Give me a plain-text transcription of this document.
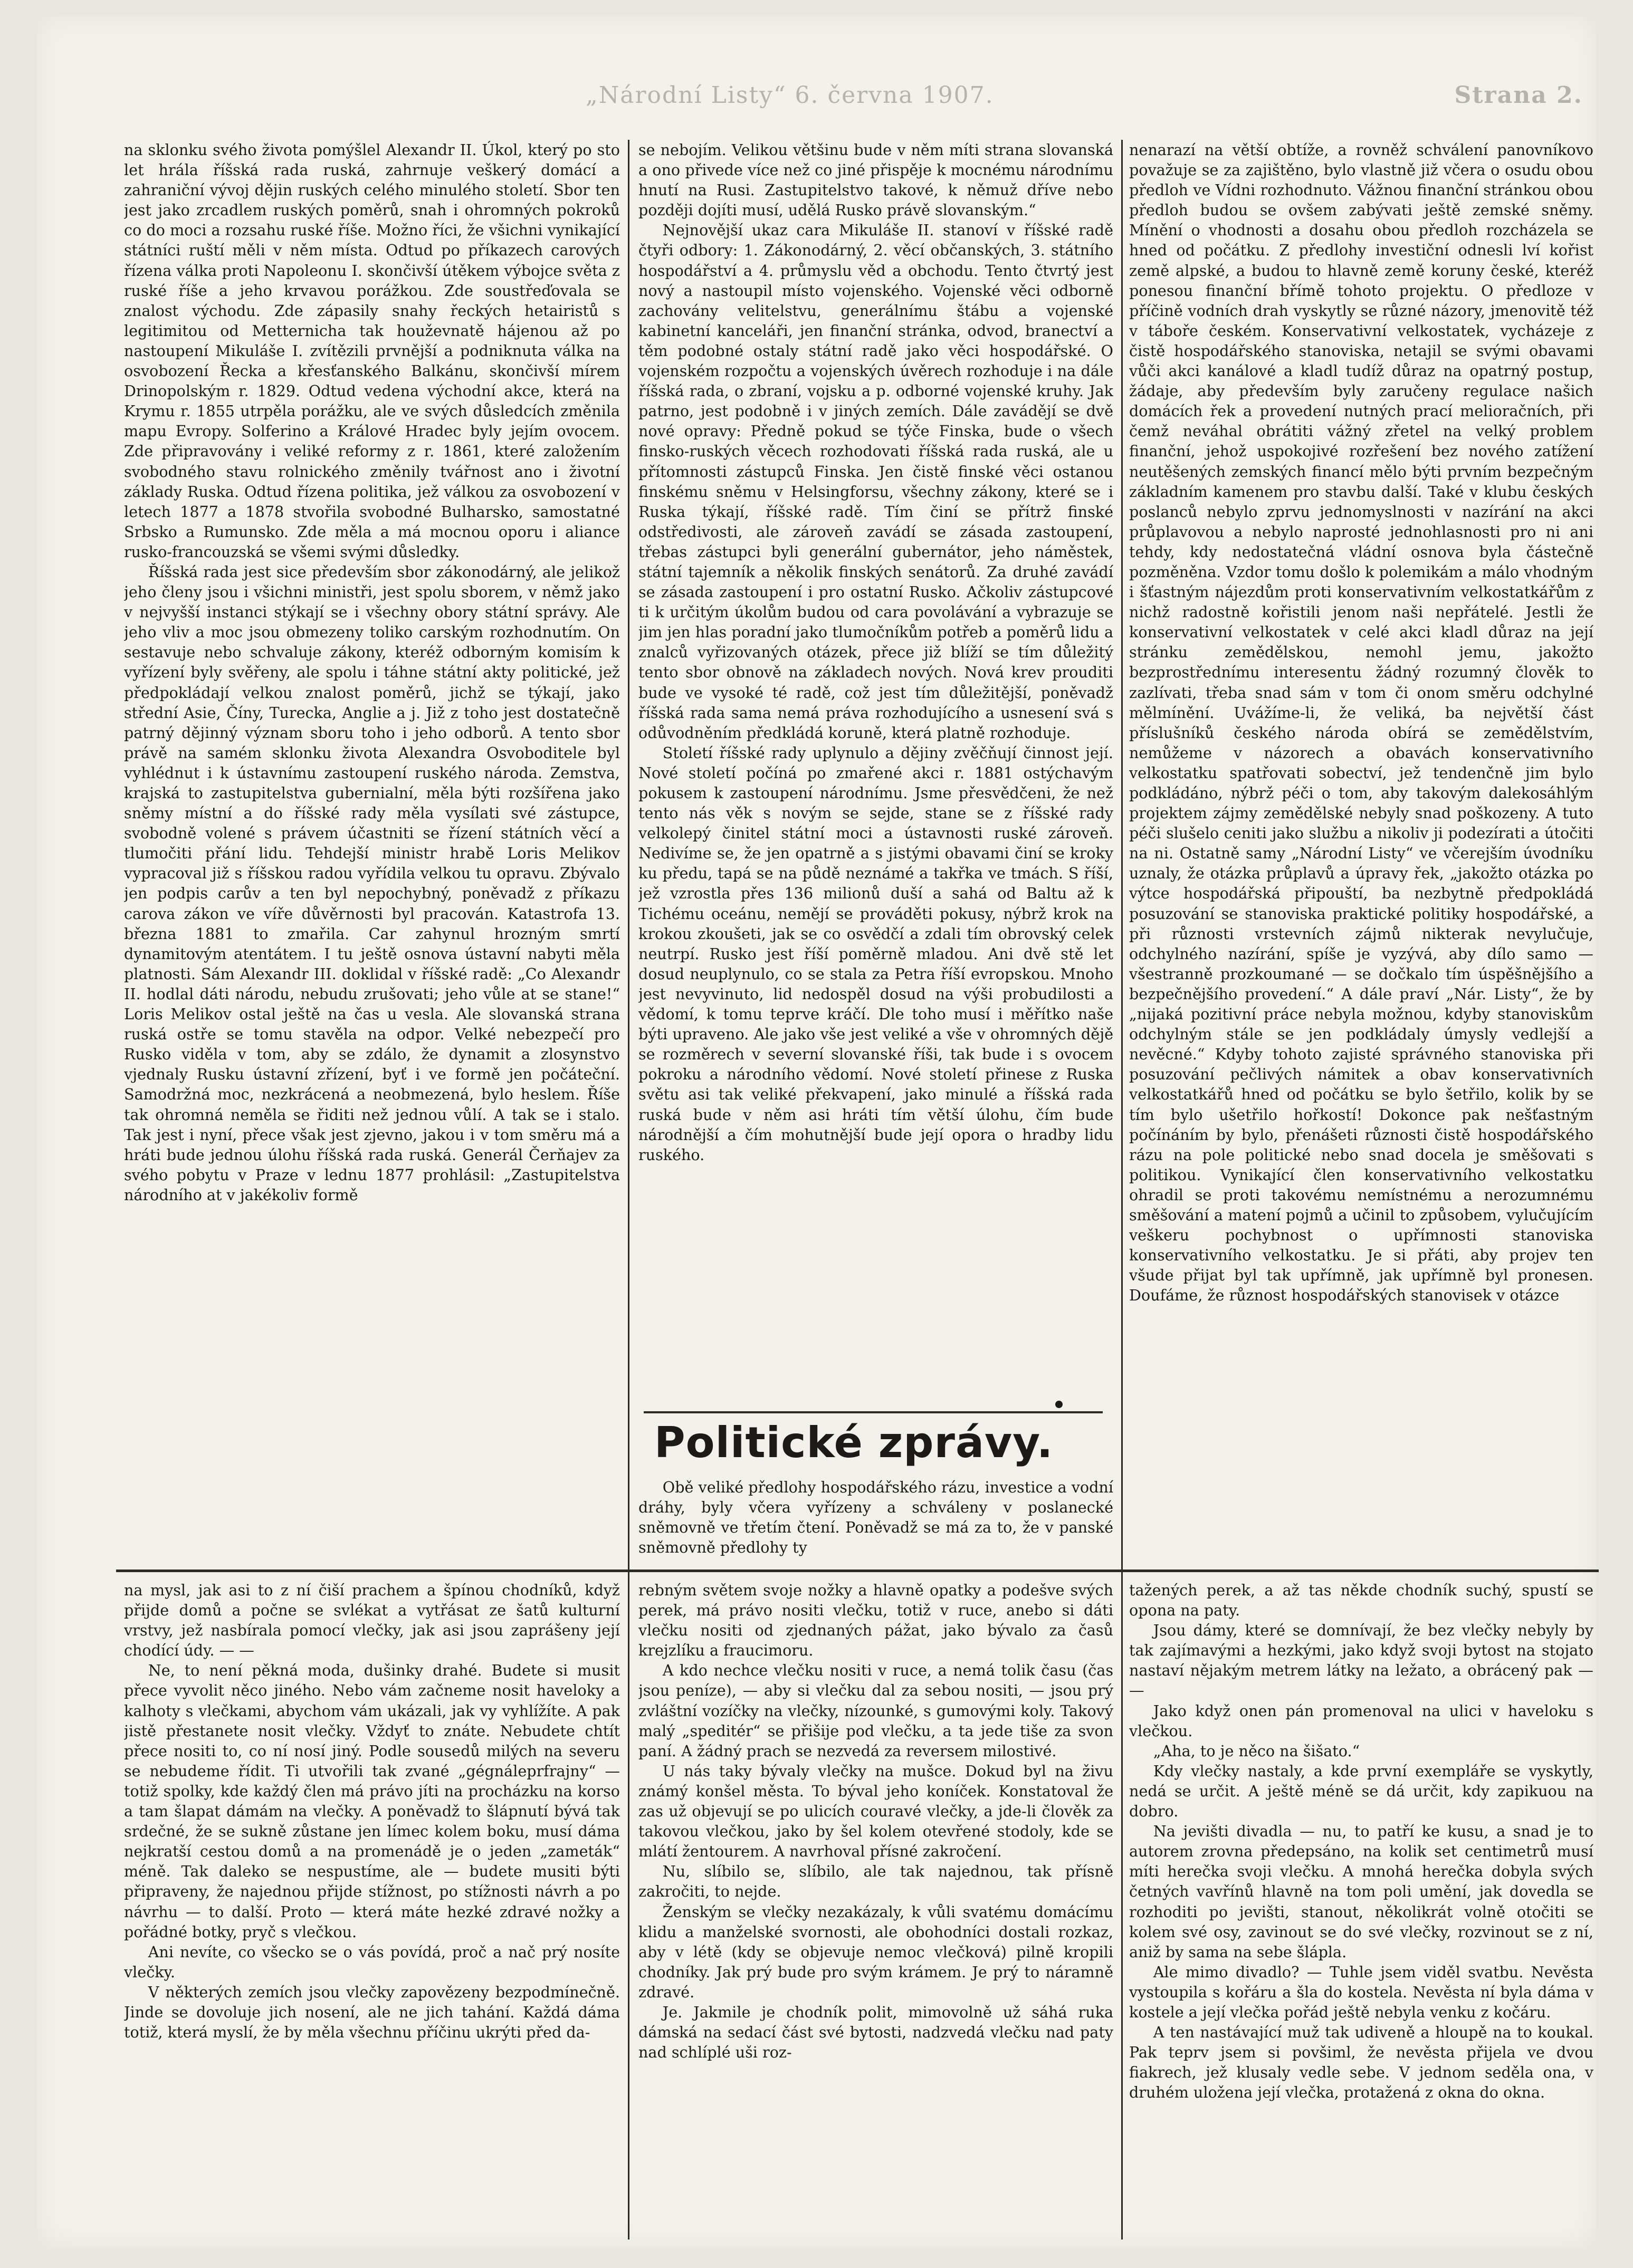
„Národní Listy“ 6. června 1907.	Strana 2.

na sklonku svého života pomýšlel Alexandr II. Úkol, který po sto let hrála říšská rada ruská, zahrnuje veškerý domácí a zahraniční vývoj dějin ruských celého minulého století. Sbor ten jest jako zrcadlem ruských poměrů, snah i ohromných pokroků co do moci a rozsahu ruské říše. Možno říci, že všichni vynikající státníci ruští měli v něm místa. Odtud po příkazech carových řízena válka proti Napoleonu I. skončivší útěkem výbojce světa z ruské říše a jeho krvavou porážkou. Zde soustřeďovala se znalost východu. Zde zápasily snahy řeckých hetairistů s legitimitou od Metternicha tak houževnatě hájenou až po nastoupení Mikuláše I. zvítězili prvnější a podniknuta válka na osvobození Řecka a křesťanského Balkánu, skončivší mírem Drinopolským r. 1829. Odtud vedena východní akce, která na Krymu r. 1855 utrpěla porážku, ale ve svých důsledcích změnila mapu Evropy. Solferino a Králové Hradec byly jejím ovocem. Zde připravovány i veliké reformy z r. 1861, které založením svobodného stavu rolnického změnily tvářnost ano i životní základy Ruska. Odtud řízena politika, jež válkou za osvobození v letech 1877 a 1878 stvořila svobodné Bulharsko, samostatné Srbsko a Rumunsko. Zde měla a má mocnou oporu i aliance rusko-francouzská se všemi svými důsledky.

Říšská rada jest sice především sbor zákonodárný, ale jelikož jeho členy jsou i všichni ministři, jest spolu sborem, v němž jako v nejvyšší instanci stýkají se i všechny obory státní správy. Ale jeho vliv a moc jsou obmezeny toliko carským rozhodnutím. On sestavuje nebo schvaluje zákony, kteréž odborným komisím k vyřízení byly svěřeny, ale spolu i táhne státní akty politické, jež předpokládají velkou znalost poměrů, jichž se týkají, jako střední Asie, Číny, Turecka, Anglie a j. Již z toho jest dostatečně patrný dějinný význam sboru toho i jeho odborů. A tento sbor právě na samém sklonku života Alexandra Osvoboditele byl vyhlédnut i k ústavnímu zastoupení ruského národa. Zemstva, krajská to zastupitelstva gubernialní, měla býti rozšířena jako sněmy místní a do říšské rady měla vysílati své zástupce, svobodně volené s právem účastniti se řízení státních věcí a tlumočiti přání lidu. Tehdejší ministr hrabě Loris Melikov vypracoval již s říšskou radou vyřídila velkou tu opravu. Zbývalo jen podpis carův a ten byl nepochybný, poněvadž z příkazu carova zákon ve víře důvěrnosti byl pracován. Katastrofa 13. března 1881 to zmařila. Car zahynul hrozným smrtí dynamitovým atentátem. I tu ještě osnova ústavní nabyti měla platnosti. Sám Alexandr III. doklidal v říšské radě: „Co Alexandr II. hodlal dáti národu, nebudu zrušovati; jeho vůle at se stane!“ Loris Melikov ostal ještě na čas u vesla. Ale slovanská strana ruská ostře se tomu stavěla na odpor. Velké nebezpečí pro Rusko viděla v tom, aby se zdálo, že dynamit a zlosynstvo vjednaly Rusku ústavní zřízení, byť i ve formě jen počáteční. Samodržná moc, nezkrácená a neobmezená, bylo heslem. Říše tak ohromná neměla se řiditi než jednou vůlí. A tak se i stalo. Tak jest i nyní, přece však jest zjevno, jakou i v tom směru má a hráti bude jednou úlohu říšská rada ruská. Generál Čerňajev za svého pobytu v Praze v lednu 1877 prohlásil: „Zastupitelstva národního at v jakékoliv formě

se nebojím. Velikou většinu bude v něm míti strana slovanská a ono přivede více než co jiné přispěje k mocnému národnímu hnutí na Rusi. Zastupitelstvo takové, k němuž dříve nebo později dojíti musí, udělá Rusko právě slovanským.“

Nejnovější ukaz cara Mikuláše II. stanoví v říšské radě čtyři odbory: 1. Zákonodárný, 2. věcí občanských, 3. státního hospodářství a 4. průmyslu věd a obchodu. Tento čtvrtý jest nový a nastoupil místo vojenského. Vojenské věci odborně zachovány velitelstvu, generálnímu štábu a vojenské kabinetní kanceláři, jen finanční stránka, odvod, branectví a těm podobné ostaly státní radě jako věci hospodářské. O vojenském rozpočtu a vojenských úvěrech rozhoduje i na dále říšská rada, o zbraní, vojsku a p. odborné vojenské kruhy. Jak patrno, jest podobně i v jiných zemích. Dále zavádějí se dvě nové opravy: Předně pokud se týče Finska, bude o všech finsko-ruských věcech rozhodovati říšská rada ruská, ale u přítomnosti zástupců Finska. Jen čistě finské věci ostanou finskému sněmu v Helsingforsu, všechny zákony, které se i Ruska týkají, říšské radě. Tím činí se přítrž finské odstředivosti, ale zároveň zavádí se zásada zastoupení, třebas zástupci byli generální gubernátor, jeho náměstek, státní tajemník a několik finských senátorů. Za druhé zavádí se zásada zastoupení i pro ostatní Rusko. Ačkoliv zástupcové ti k určitým úkolům budou od cara povolávání a vybrazuje se jim jen hlas poradní jako tlumočníkům potřeb a poměrů lidu a znalců vyřizovaných otázek, přece již blíží se tím důležitý tento sbor obnově na základech nových. Nová krev prouditi bude ve vysoké té radě, což jest tím důležitější, poněvadž říšská rada sama nemá práva rozhodujícího a usnesení svá s odůvodněním předkládá koruně, která platně rozhoduje.

Století říšské rady uplynulo a dějiny zvěčňují činnost její. Nové století počíná po zmařené akci r. 1881 ostýchavým pokusem k zastoupení národnímu. Jsme přesvědčeni, že než tento nás věk s novým se sejde, stane se z říšské rady velkolepý činitel státní moci a ústavnosti ruské zároveň. Nedivíme se, že jen opatrně a s jistými obavami činí se kroky ku předu, tapá se na půdě neznámé a takřka ve tmách. S říší, jež vzrostla přes 136 milionů duší a sahá od Baltu až k Tichému oceánu, nemějí se prováděti pokusy, nýbrž krok na krokou zkoušeti, jak se co osvědčí a zdali tím obrovský celek neutrpí. Rusko jest říší poměrně mladou. Ani dvě stě let dosud neuplynulo, co se stala za Petra říší evropskou. Mnoho jest nevyvinuto, lid nedospěl dosud na výši probudilosti a vědomí, k tomu teprve kráčí. Dle toho musí i měřítko naše býti upraveno. Ale jako vše jest veliké a vše v ohromných dějě se rozměrech v severní slovanské říši, tak bude i s ovocem pokroku a národního vědomí. Nové století přinese z Ruska světu asi tak veliké překvapení, jako minulé a říšská rada ruská bude v něm asi hráti tím větší úlohu, čím bude národnější a čím mohutnější bude její opora o hradby lidu ruského.

Politické zprávy.

Obě veliké předlohy hospodářského rázu, investice a vodní dráhy, byly včera vyřízeny a schváleny v poslanecké sněmovně ve třetím čtení. Poněvadž se má za to, že v panské sněmovně předlohy ty

nenarazí na větší obtíže, a rovněž schválení panovníkovo považuje se za zajištěno, bylo vlastně již včera o osudu obou předloh ve Vídni rozhodnuto. Vážnou finanční stránkou obou předloh budou se ovšem zabývati ještě zemské sněmy. Mínění o vhodnosti a dosahu obou předloh rozcházela se hned od počátku. Z předlohy investiční odnesli lví kořist země alpské, a budou to hlavně země koruny české, kteréž ponesou finanční břímě tohoto projektu. O předloze v příčině vodních drah vyskytly se různé názory, jmenovitě též v táboře českém. Konservativní velkostatek, vycházeje z čistě hospodářského stanoviska, netajil se svými obavami vůči akci kanálové a kladl tudíž důraz na opatrný postup, žádaje, aby především byly zaručeny regulace našich domácích řek a provedení nutných prací melioračních, při čemž neváhal obrátiti vážný zřetel na velký problem finanční, jehož uspokojivé rozřešení bez nového zatížení neutěšených zemských financí mělo býti prvním bezpečným základním kamenem pro stavbu další. Také v klubu českých poslanců nebylo zprvu jednomyslnosti v nazírání na akci průplavovou a nebylo naprosté jednohlasnosti pro ni ani tehdy, kdy nedostatečná vládní osnova byla částečně pozměněna. Vzdor tomu došlo k polemikám a málo vhodným i šťastným nájezdům proti konservativním velkostatkářům z nichž radostně kořistili jenom naši nepřátelé. Jestli že konservativní velkostatek v celé akci kladl důraz na její stránku zemědělskou, nemohl jemu, jakožto bezprostřednímu interesentu žádný rozumný člověk to zazlívati, třeba snad sám v tom či onom směru odchylné mělmínění. Uvážíme-li, že veliká, ba největší část příslušníků českého národa obírá se zemědělstvím, nemůžeme v názorech a obavách konservativního velkostatku spatřovati sobectví, jež tendenčně jim bylo podkládáno, nýbrž péči o tom, aby takovým dalekosáhlým projektem zájmy zemědělské nebyly snad poškozeny. A tuto péči slušelo ceniti jako službu a nikoliv ji podezírati a útočiti na ni. Ostatně samy „Národní Listy“ ve včerejším úvodníku uznaly, že otázka průplavů a úpravy řek, „jakožto otázka po výtce hospodářská připouští, ba nezbytně předpokládá posuzování se stanoviska praktické politiky hospodářské, a při různosti vrstevních zájmů nikterak nevylučuje, odchylného nazírání, spíše je vyzývá, aby dílo samo — všestranně prozkoumané — se dočkalo tím úspěšnějšího a bezpečnějšího provedení.“ A dále praví „Nár. Listy“, že by „nijaká pozitivní práce nebyla možnou, kdyby stanoviskům odchylným stále se jen podkládaly úmysly vedlejší a nevěcné.“ Kdyby tohoto zajisté správného stanoviska při posuzování pečlivých námitek a obav konservativních velkostatkářů hned od počátku se bylo šetřilo, kolik by se tím bylo ušetřilo hořkostí! Dokonce pak nešťastným počínáním by bylo, přenášeti různosti čistě hospodářského rázu na pole politické nebo snad docela je směšovati s politikou. Vynikající člen konservativního velkostatku ohradil se proti takovému nemístnému a nerozumnému směšování a matení pojmů a učinil to způsobem, vylučujícím veškeru pochybnost o upřímnosti stanoviska konservativního velkostatku. Je si přáti, aby projev ten všude přijat byl tak upřímně, jak upřímně byl pronesen. Doufáme, že různost hospodářských stanovisek v otázce

na mysl, jak asi to z ní čiší prachem a špínou chodníků, když přijde domů a počne se svlékat a vytřásat ze šatů kulturní vrstvy, jež nasbírala pomocí vlečky, jak asi jsou zaprášeny její chodící údy. — —

Ne, to není pěkná moda, dušinky drahé. Budete si musit přece vyvolit něco jiného. Nebo vám začneme nosit haveloky a kalhoty s vlečkami, abychom vám ukázali, jak vy vyhlížíte. A pak jistě přestanete nosit vlečky. Vždyť to znáte. Nebudete chtít přece nositi to, co ní nosí jiný. Podle sousedů milých na severu se nebudeme řídit. Ti utvořili tak zvané „gégnáleprfrajny“ — totiž spolky, kde každý člen má právo jíti na procházku na korso a tam šlapat dámám na vlečky. A poněvadž to šlápnutí bývá tak srdečné, že se sukně zůstane jen límec kolem boku, musí dáma nejkratší cestou domů a na promenádě je o jeden „zameták“ méně. Tak daleko se nespustíme, ale — budete musiti býti připraveny, že najednou přijde stížnost, po stížnosti návrh a po návrhu — to další. Proto — která máte hezké zdravé nožky a pořádné botky, pryč s vlečkou.

Ani nevíte, co všecko se o vás povídá, proč a nač prý nosíte vlečky.

V některých zemích jsou vlečky zapovězeny bezpodmínečně. Jinde se dovoluje jich nosení, ale ne jich tahání. Každá dáma totiž, která myslí, že by měla všechnu příčinu ukrýti před da-

rebným světem svoje nožky a hlavně opatky a podešve svých perek, má právo nositi vlečku, totiž v ruce, anebo si dáti vlečku nositi od zjednaných pážat, jako bývalo za časů krejzlíku a fraucimoru.

A kdo nechce vlečku nositi v ruce, a nemá tolik času (čas jsou peníze), — aby si vlečku dal za sebou nositi, — jsou prý zvláštní vozíčky na vlečky, nízounké, s gumovými koly. Takový malý „speditér“ se přišije pod vlečku, a ta jede tiše za svon paní. A žádný prach se nezvedá za reversem milostivé.

U nás taky bývaly vlečky na mušce. Dokud byl na živu známý konšel města. To býval jeho koníček. Konstatoval že zas už objevují se po ulicích couravé vlečky, a jde-li člověk za takovou vlečkou, jako by šel kolem otevřené stodoly, kde se mlátí žentourem. A navrhoval přísné zakročení.

Nu, slíbilo se, slíbilo, ale tak najednou, tak přísně zakročiti, to nejde.

Ženským se vlečky nezakázaly, k vůli svatému domácímu klidu a manželské svornosti, ale obohodníci dostali rozkaz, aby v létě (kdy se objevuje nemoc vlečková) pilně kropili chodníky. Jak prý bude pro svým krámem. Je prý to náramně zdravé.

Je. Jakmile je chodník polit, mimovolně už sáhá ruka dámská na sedací část své bytosti, nadzvedá vlečku nad paty nad schlíplé uši roz-

tažených perek, a až tas někde chodník suchý, spustí se opona na paty.

Jsou dámy, které se domnívají, že bez vlečky nebyly by tak zajímavými a hezkými, jako když svoji bytost na stojato nastaví nějakým metrem látky na ležato, a obrácený pak — —

Jako když onen pán promenoval na ulici v haveloku s vlečkou.

„Aha, to je něco na šišato.“

Kdy vlečky nastaly, a kde první exempláře se vyskytly, nedá se určit. A ještě méně se dá určit, kdy zapikuou na dobro.

Na jevišti divadla — nu, to patří ke kusu, a snad je to autorem zrovna předepsáno, na kolik set centimetrů musí míti herečka svoji vlečku. A mnohá herečka dobyla svých četných vavřínů hlavně na tom poli umění, jak dovedla se rozhoditi po jevišti, stanout, několikrát volně otočiti se kolem své osy, zavinout se do své vlečky, rozvinout se z ní, aniž by sama na sebe šlápla.

Ale mimo divadlo? — Tuhle jsem viděl svatbu. Nevěsta vystoupila s kořáru a šla do kostela. Nevěsta ní byla dáma v kostele a její vlečka pořád ještě nebyla venku z kočáru.

A ten nastávající muž tak udiveně a hloupě na to koukal. Pak teprv jsem si povšiml, že nevěsta přijela ve dvou fiakrech, jež klusaly vedle sebe. V jednom seděla ona, v druhém uložena její vlečka, protažená z okna do okna.
